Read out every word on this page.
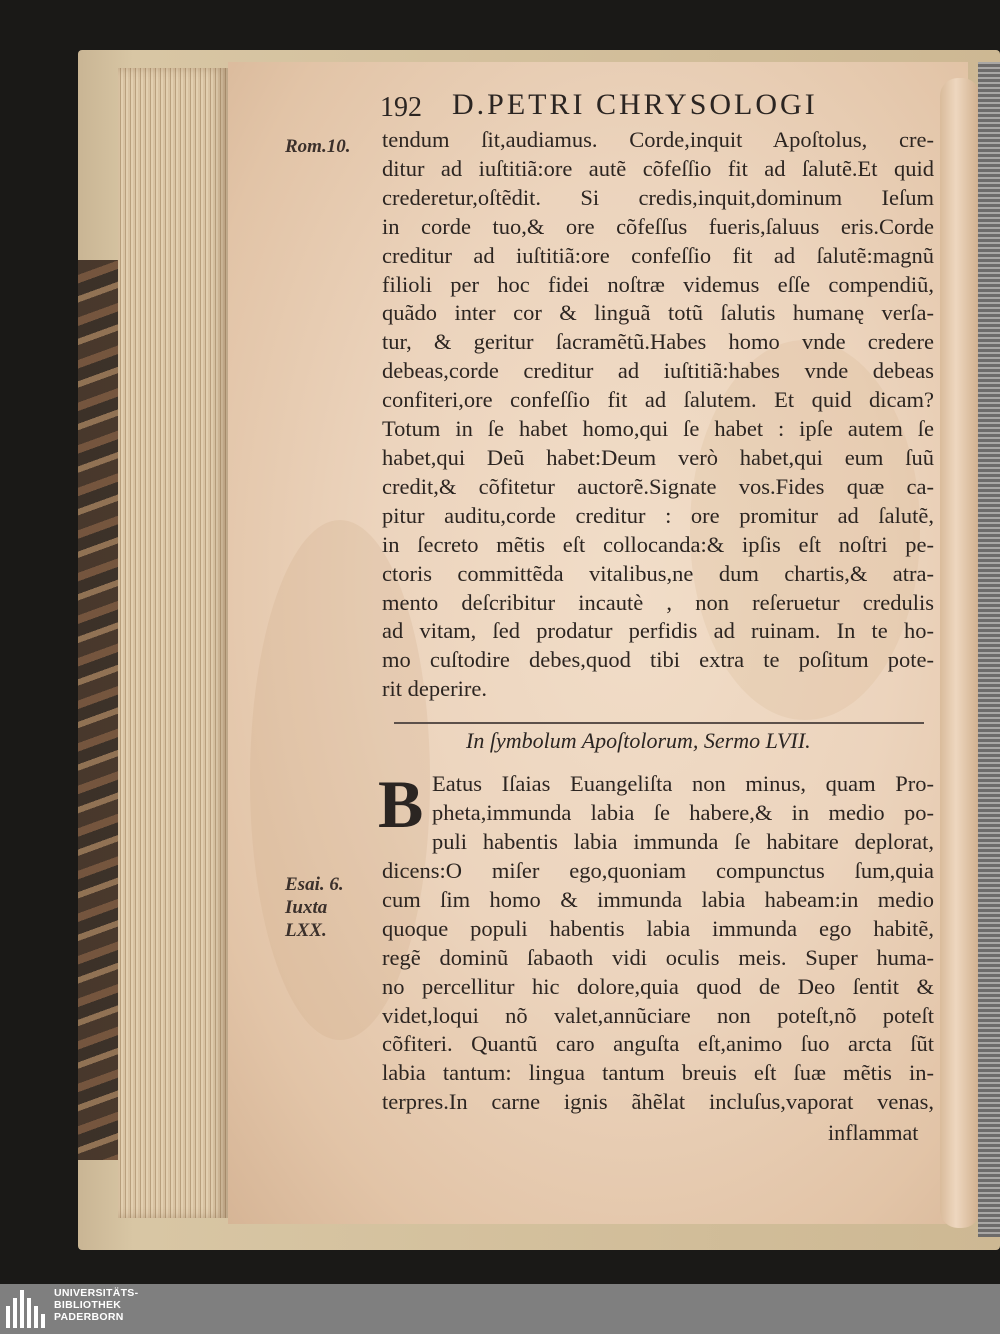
192 D.PETRI CHRYSOLOGI
Rom.10.
Esai. 6.
Iuxta
LXX.
tendum ſit,audiamus. Corde,inquit Apoſtolus, cre-
ditur ad iuſtitiã:ore autẽ cõfeſſio fit ad ſalutẽ.Et quid
crederetur,oſtẽdit. Si credis,inquit,dominum Ieſum
in corde tuo,& ore cõfeſſus fueris,ſaluus eris.Corde
creditur ad iuſtitiã:ore confeſſio fit ad ſalutẽ:magnũ
filioli per hoc fidei noſtræ videmus eſſe compendiũ,
quãdo inter cor & linguã totũ ſalutis humanę verſa-
tur, & geritur ſacramẽtũ.Habes homo vnde credere
debeas,corde creditur ad iuſtitiã:habes vnde debeas
confiteri,ore confeſſio fit ad ſalutem. Et quid dicam?
Totum in ſe habet homo,qui ſe habet : ipſe autem ſe
habet,qui Deũ habet:Deum verò habet,qui eum ſuũ
credit,& cõfitetur auctorẽ.Signate vos.Fides quæ ca-
pitur auditu,corde creditur : ore promitur ad ſalutẽ,
in ſecreto mẽtis eſt collocanda:& ipſis eſt noſtri pe-
ctoris committẽda vitalibus,ne dum chartis,& atra-
mento deſcribitur incautè , non reſeruetur credulis
ad vitam, ſed prodatur perfidis ad ruinam. In te ho-
mo cuſtodire debes,quod tibi extra te poſitum pote-
rit deperire.
In ſymbolum Apoſtolorum, Sermo LVII.
B Eatus Iſaias Euangeliſta non minus, quam Pro-
pheta,immunda labia ſe habere,& in medio po-
puli habentis labia immunda ſe habitare deplorat,
dicens:O miſer ego,quoniam compunctus ſum,quia
cum ſim homo & immunda labia habeam:in medio
quoque populi habentis labia immunda ego habitẽ,
regẽ dominũ ſabaoth vidi oculis meis. Super huma-
no percellitur hic dolore,quia quod de Deo ſentit &
videt,loqui nõ valet,annũciare non poteſt,nõ poteſt
cõfiteri. Quantũ caro anguſta eſt,animo ſuo arcta ſũt
labia tantum: lingua tantum breuis eſt ſuæ mẽtis in-
terpres.In carne ignis ãhẽlat incluſus,vaporat venas,
inflammat
UNIVERSITÄTS-
BIBLIOTHEK
PADERBORN
